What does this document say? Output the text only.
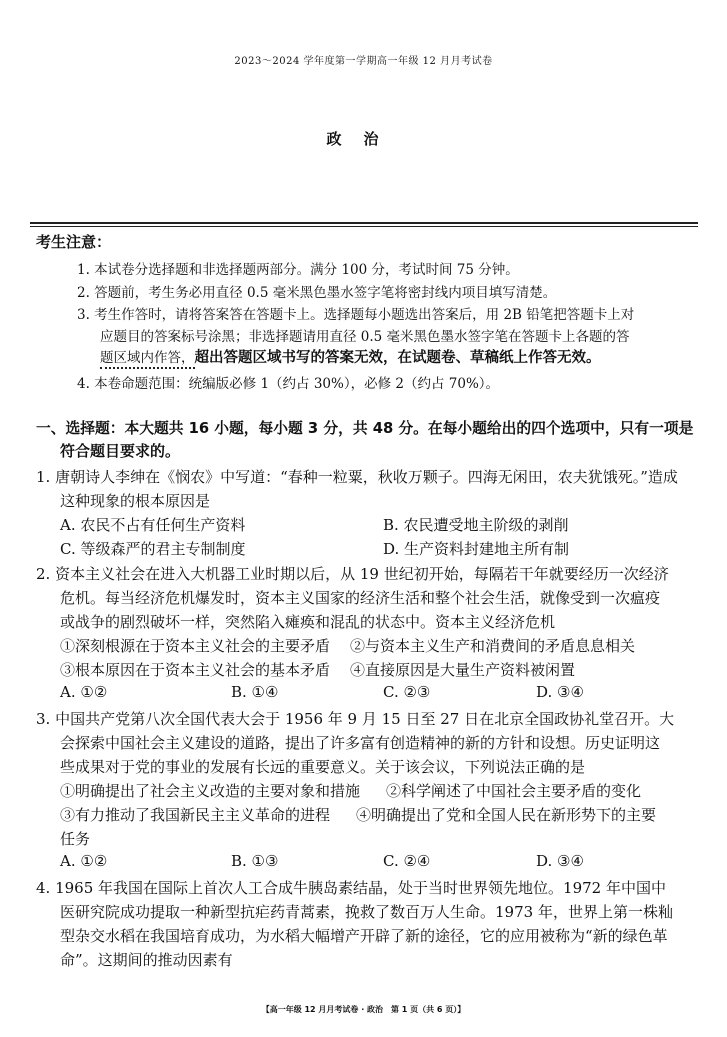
2023～2024 学年度第一学期高一年级 12 月月考试卷
政治
考生注意：
1. 本试卷分选择题和非选择题两部分。满分 100 分，考试时间 75 分钟。
2. 答题前，考生务必用直径 0.5 毫米黑色墨水签字笔将密封线内项目填写清楚。
3. 考生作答时，请将答案答在答题卡上。选择题每小题选出答案后，用 2B 铅笔把答题卡上对
应题目的答案标号涂黑；非选择题请用直径 0.5 毫米黑色墨水签字笔在答题卡上各题的答
题区域内作答，超出答题区域书写的答案无效，在试题卷、草稿纸上作答无效。
4. 本卷命题范围：统编版必修 1（约占 30%），必修 2（约占 70%）。
一、选择题：本大题共 16 小题，每小题 3 分，共 48 分。在每小题给出的四个选项中，只有一项是
符合题目要求的。
1. 唐朝诗人李绅在《悯农》中写道：“春种一粒粟，秋收万颗子。四海无闲田，农夫犹饿死。”造成
这种现象的根本原因是
A. 农民不占有任何生产资料	B. 农民遭受地主阶级的剥削
C. 等级森严的君主专制制度	D. 生产资料封建地主所有制
2. 资本主义社会在进入大机器工业时期以后，从 19 世纪初开始，每隔若干年就要经历一次经济
危机。每当经济危机爆发时，资本主义国家的经济生活和整个社会生活，就像受到一次瘟疫
或战争的剧烈破坏一样，突然陷入瘫痪和混乱的状态中。资本主义经济危机
①深刻根源在于资本主义社会的主要矛盾 ②与资本主义生产和消费间的矛盾息息相关
③根本原因在于资本主义社会的基本矛盾 ④直接原因是大量生产资料被闲置
A. ①②	B. ①④	C. ②③	D. ③④
3. 中国共产党第八次全国代表大会于 1956 年 9 月 15 日至 27 日在北京全国政协礼堂召开。大
会探索中国社会主义建设的道路，提出了许多富有创造精神的新的方针和设想。历史证明这
些成果对于党的事业的发展有长远的重要意义。关于该会议，下列说法正确的是
①明确提出了社会主义改造的主要对象和措施 ②科学阐述了中国社会主要矛盾的变化
③有力推动了我国新民主主义革命的进程 ④明确提出了党和全国人民在新形势下的主要
任务
A. ①②	B. ①③	C. ②④	D. ③④
4. 1965 年我国在国际上首次人工合成牛胰岛素结晶，处于当时世界领先地位。1972 年中国中
医研究院成功提取一种新型抗疟药青蒿素，挽救了数百万人生命。1973 年，世界上第一株籼
型杂交水稻在我国培育成功，为水稻大幅增产开辟了新的途径，它的应用被称为“新的绿色革
命”。这期间的推动因素有
【高一年级 12 月月考试卷 · 政治　第 1 页（共 6 页）】
